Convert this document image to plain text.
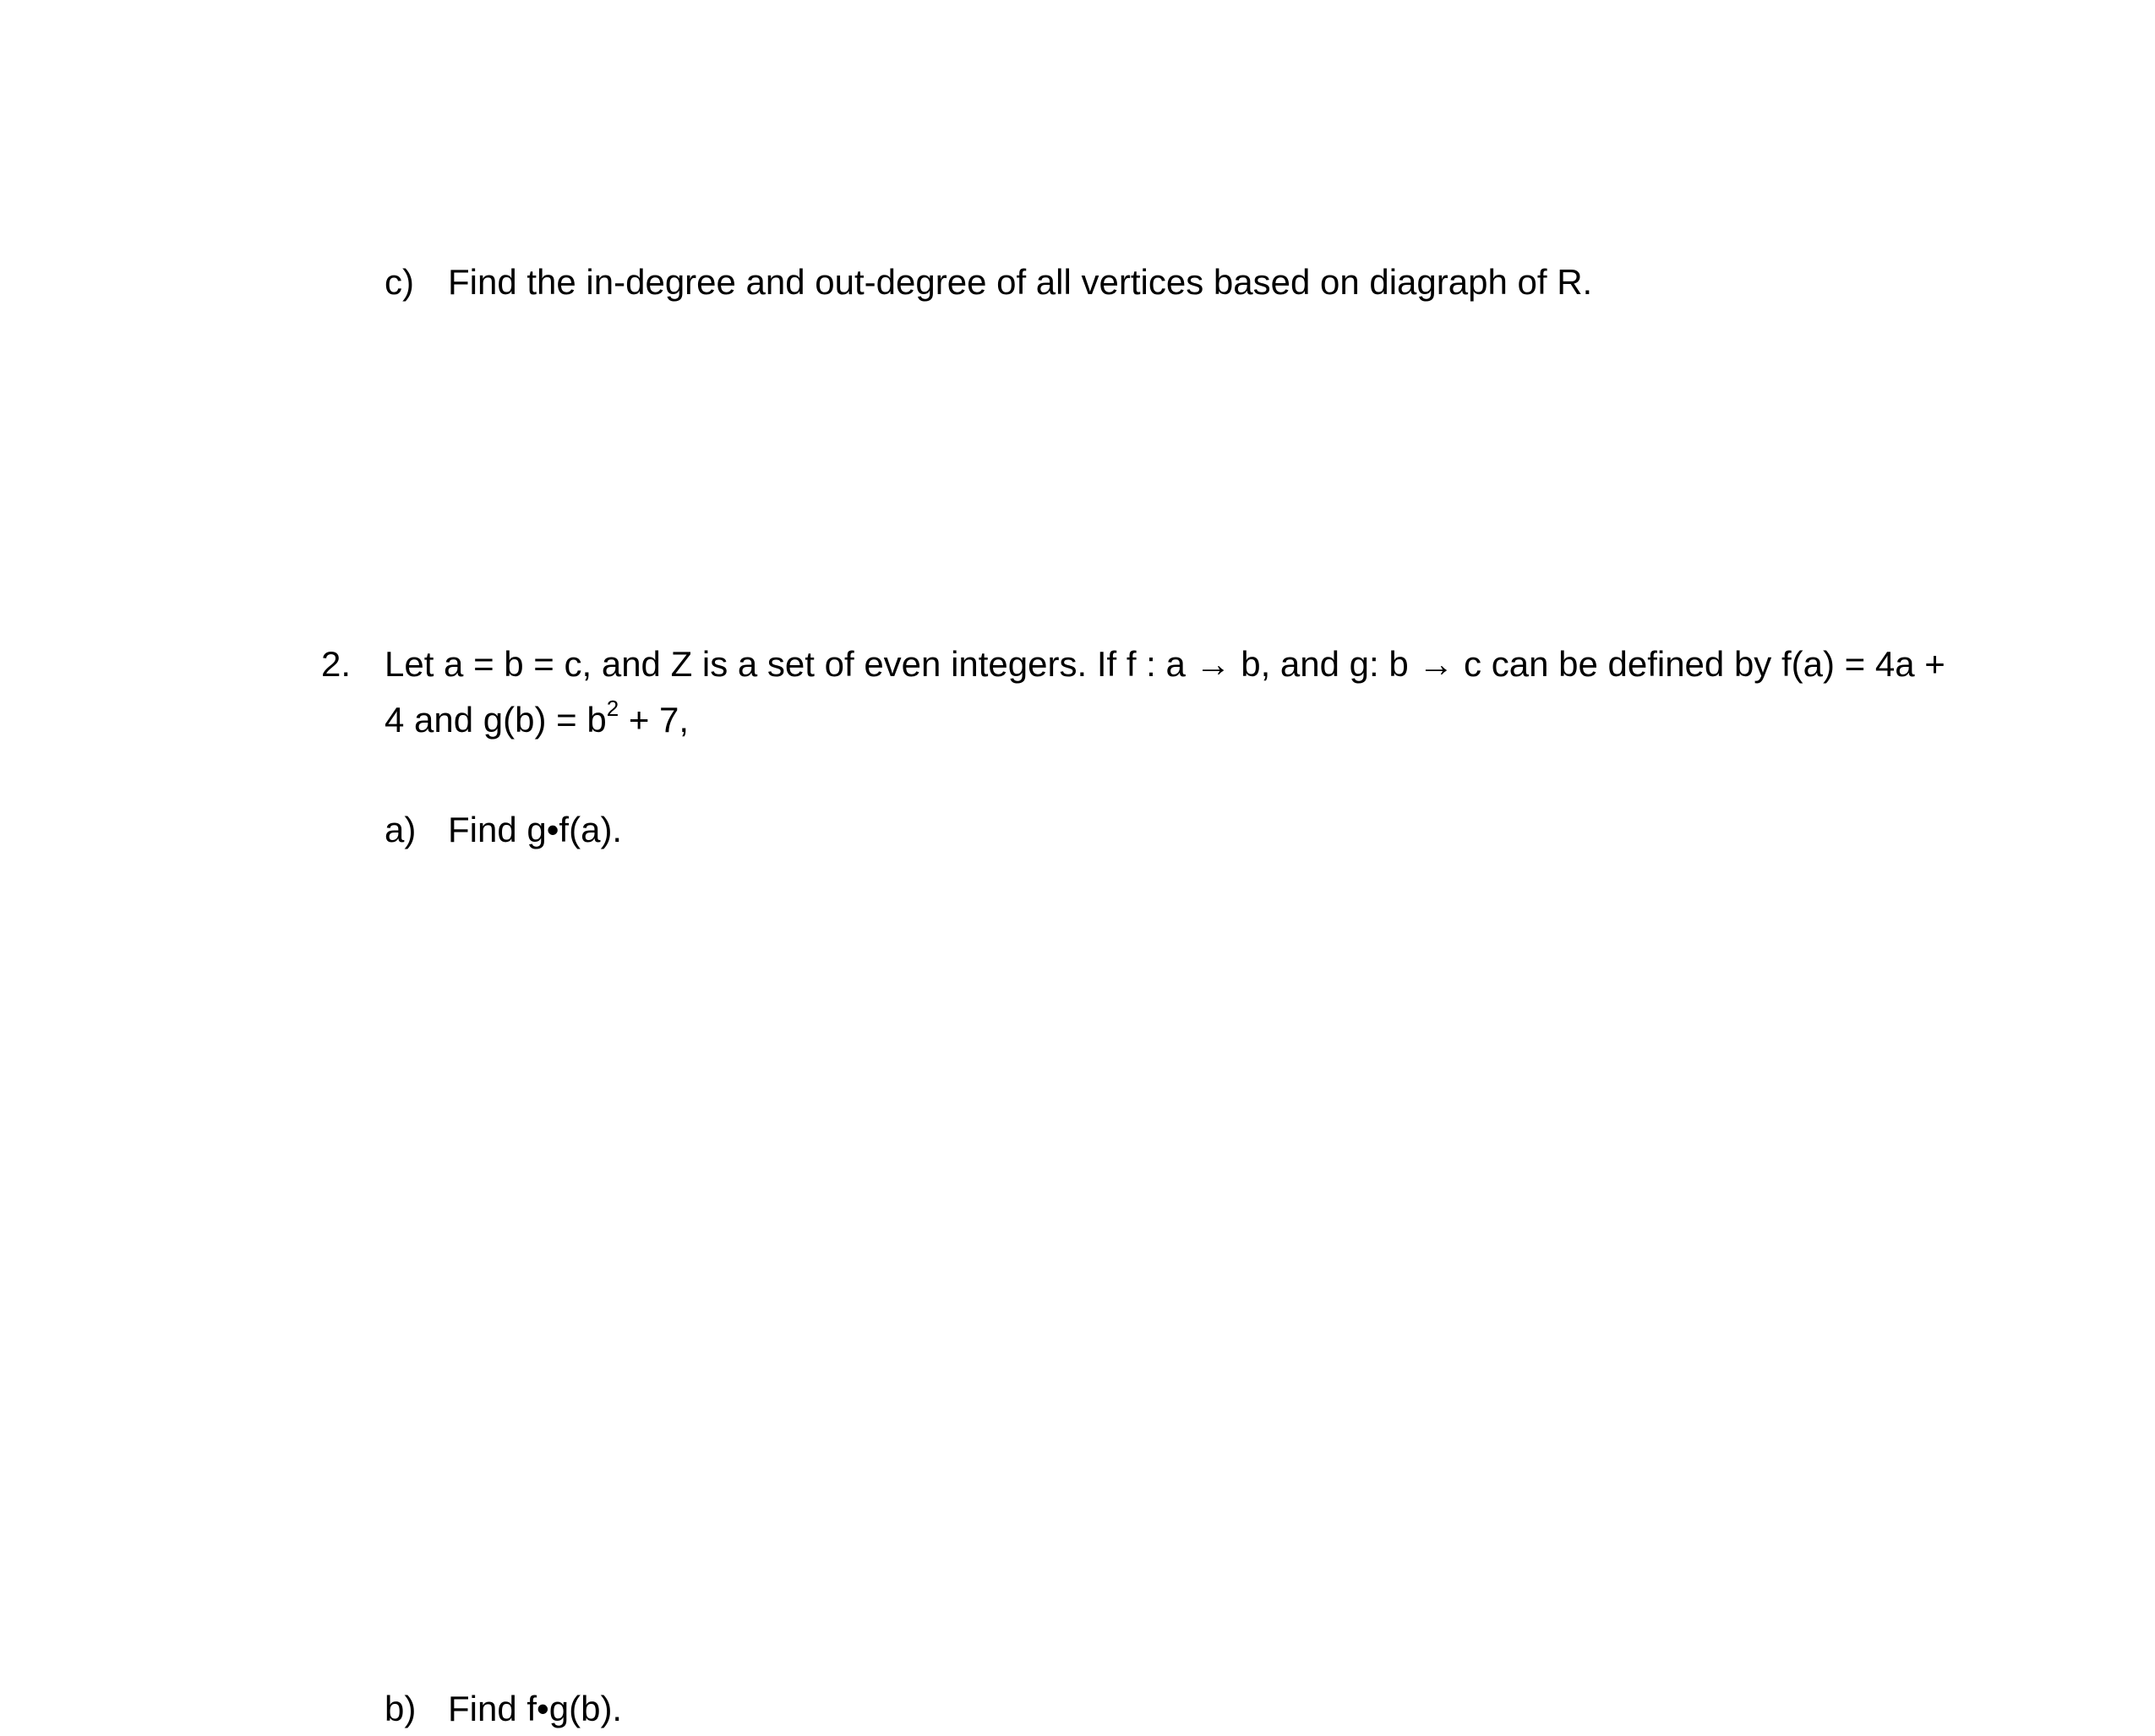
c) Find the in-degree and out-degree of all vertices based on diagraph of R.
2. Let a = b = c, and Z is a set of even integers. If f : a → b, and g: b → c can be defined by f(a) = 4a +
4 and $g(b) = b^2 + 7$,
a) Find g•f(a).
b) Find f•g(b).
